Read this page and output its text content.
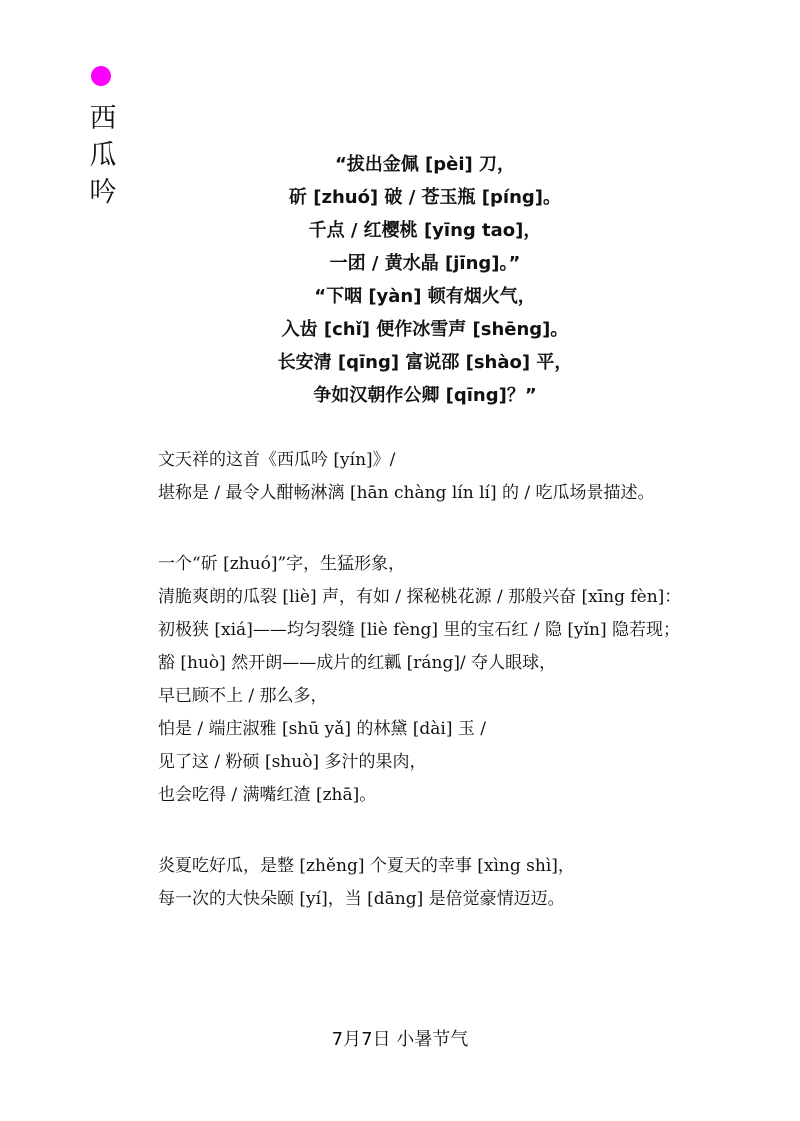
西
瓜
吟
“拔出金佩 [pèi] 刀，
斫 [zhuó] 破 / 苍玉瓶 [píng]。
千点 / 红樱桃 [yīng tao]，
一团 / 黄水晶 [jīng]。”
“下咽 [yàn] 顿有烟火气，
入齿 [chǐ] 便作冰雪声 [shēng]。
长安清 [qīng] 富说邵 [shào] 平，
争如汉朝作公卿 [qīng]？”
文天祥的这首《西瓜吟 [yín]》/
堪称是 / 最令人酣畅淋漓 [hān chàng lín lí] 的 / 吃瓜场景描述。
一个“斫 [zhuó]”字，生猛形象，
清脆爽朗的瓜裂 [liè] 声，有如 / 探秘桃花源 / 那般兴奋 [xīng fèn]：
初极狭 [xiá]——均匀裂缝 [liè fèng] 里的宝石红 / 隐 [yǐn] 隐若现；
豁 [huò] 然开朗——成片的红瓤 [ráng]/ 夺人眼球，
早已顾不上 / 那么多，
怕是 / 端庄淑雅 [shū yǎ] 的林黛 [dài] 玉 /
见了这 / 粉硕 [shuò] 多汁的果肉，
也会吃得 / 满嘴红渣 [zhā]。
炎夏吃好瓜，是整 [zhěng] 个夏天的幸事 [xìng shì]，
每一次的大快朵颐 [yí]，当 [dāng] 是倍觉豪情迈迈。
7月7日 小暑节气
